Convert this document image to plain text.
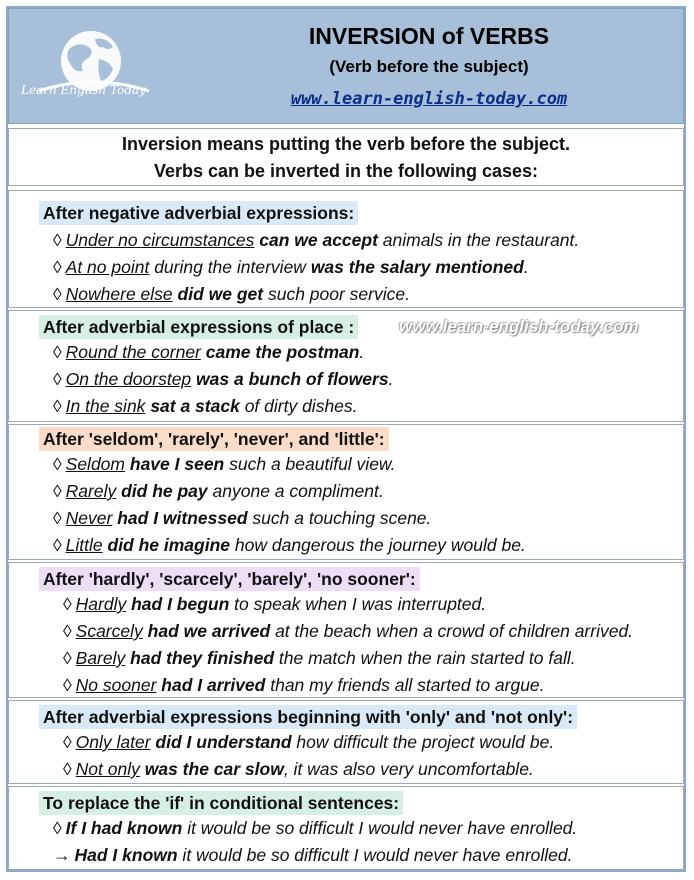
Learn English Today
INVERSION of VERBS
(Verb before the subject)
www.learn-english-today.com
Inversion means putting the verb before the subject.
Verbs can be inverted in the following cases:
After negative adverbial expressions:
◊ Under no circumstances can we accept animals in the restaurant.
◊ At no point during the interview was the salary mentioned.
◊ Nowhere else did we get such poor service.
After adverbial expressions of place :	www.learn-english-today.com
◊ Round the corner came the postman.
◊ On the doorstep was a bunch of flowers.
◊ In the sink sat a stack of dirty dishes.
After 'seldom', 'rarely', 'never', and 'little':
◊ Seldom have I seen such a beautiful view.
◊ Rarely did he pay anyone a compliment.
◊ Never had I witnessed such a touching scene.
◊ Little did he imagine how dangerous the journey would be.
After 'hardly', 'scarcely', 'barely', 'no sooner':
◊ Hardly had I begun to speak when I was interrupted.
◊ Scarcely had we arrived at the beach when a crowd of children arrived.
◊ Barely had they finished the match when the rain started to fall.
◊ No sooner had I arrived than my friends all started to argue.
After adverbial expressions beginning with 'only' and 'not only':
◊ Only later did I understand how difficult the project would be.
◊ Not only was the car slow, it was also very uncomfortable.
To replace the 'if' in conditional sentences:
◊ If I had known it would be so difficult I would never have enrolled.
→ Had I known it would be so difficult I would never have enrolled.
